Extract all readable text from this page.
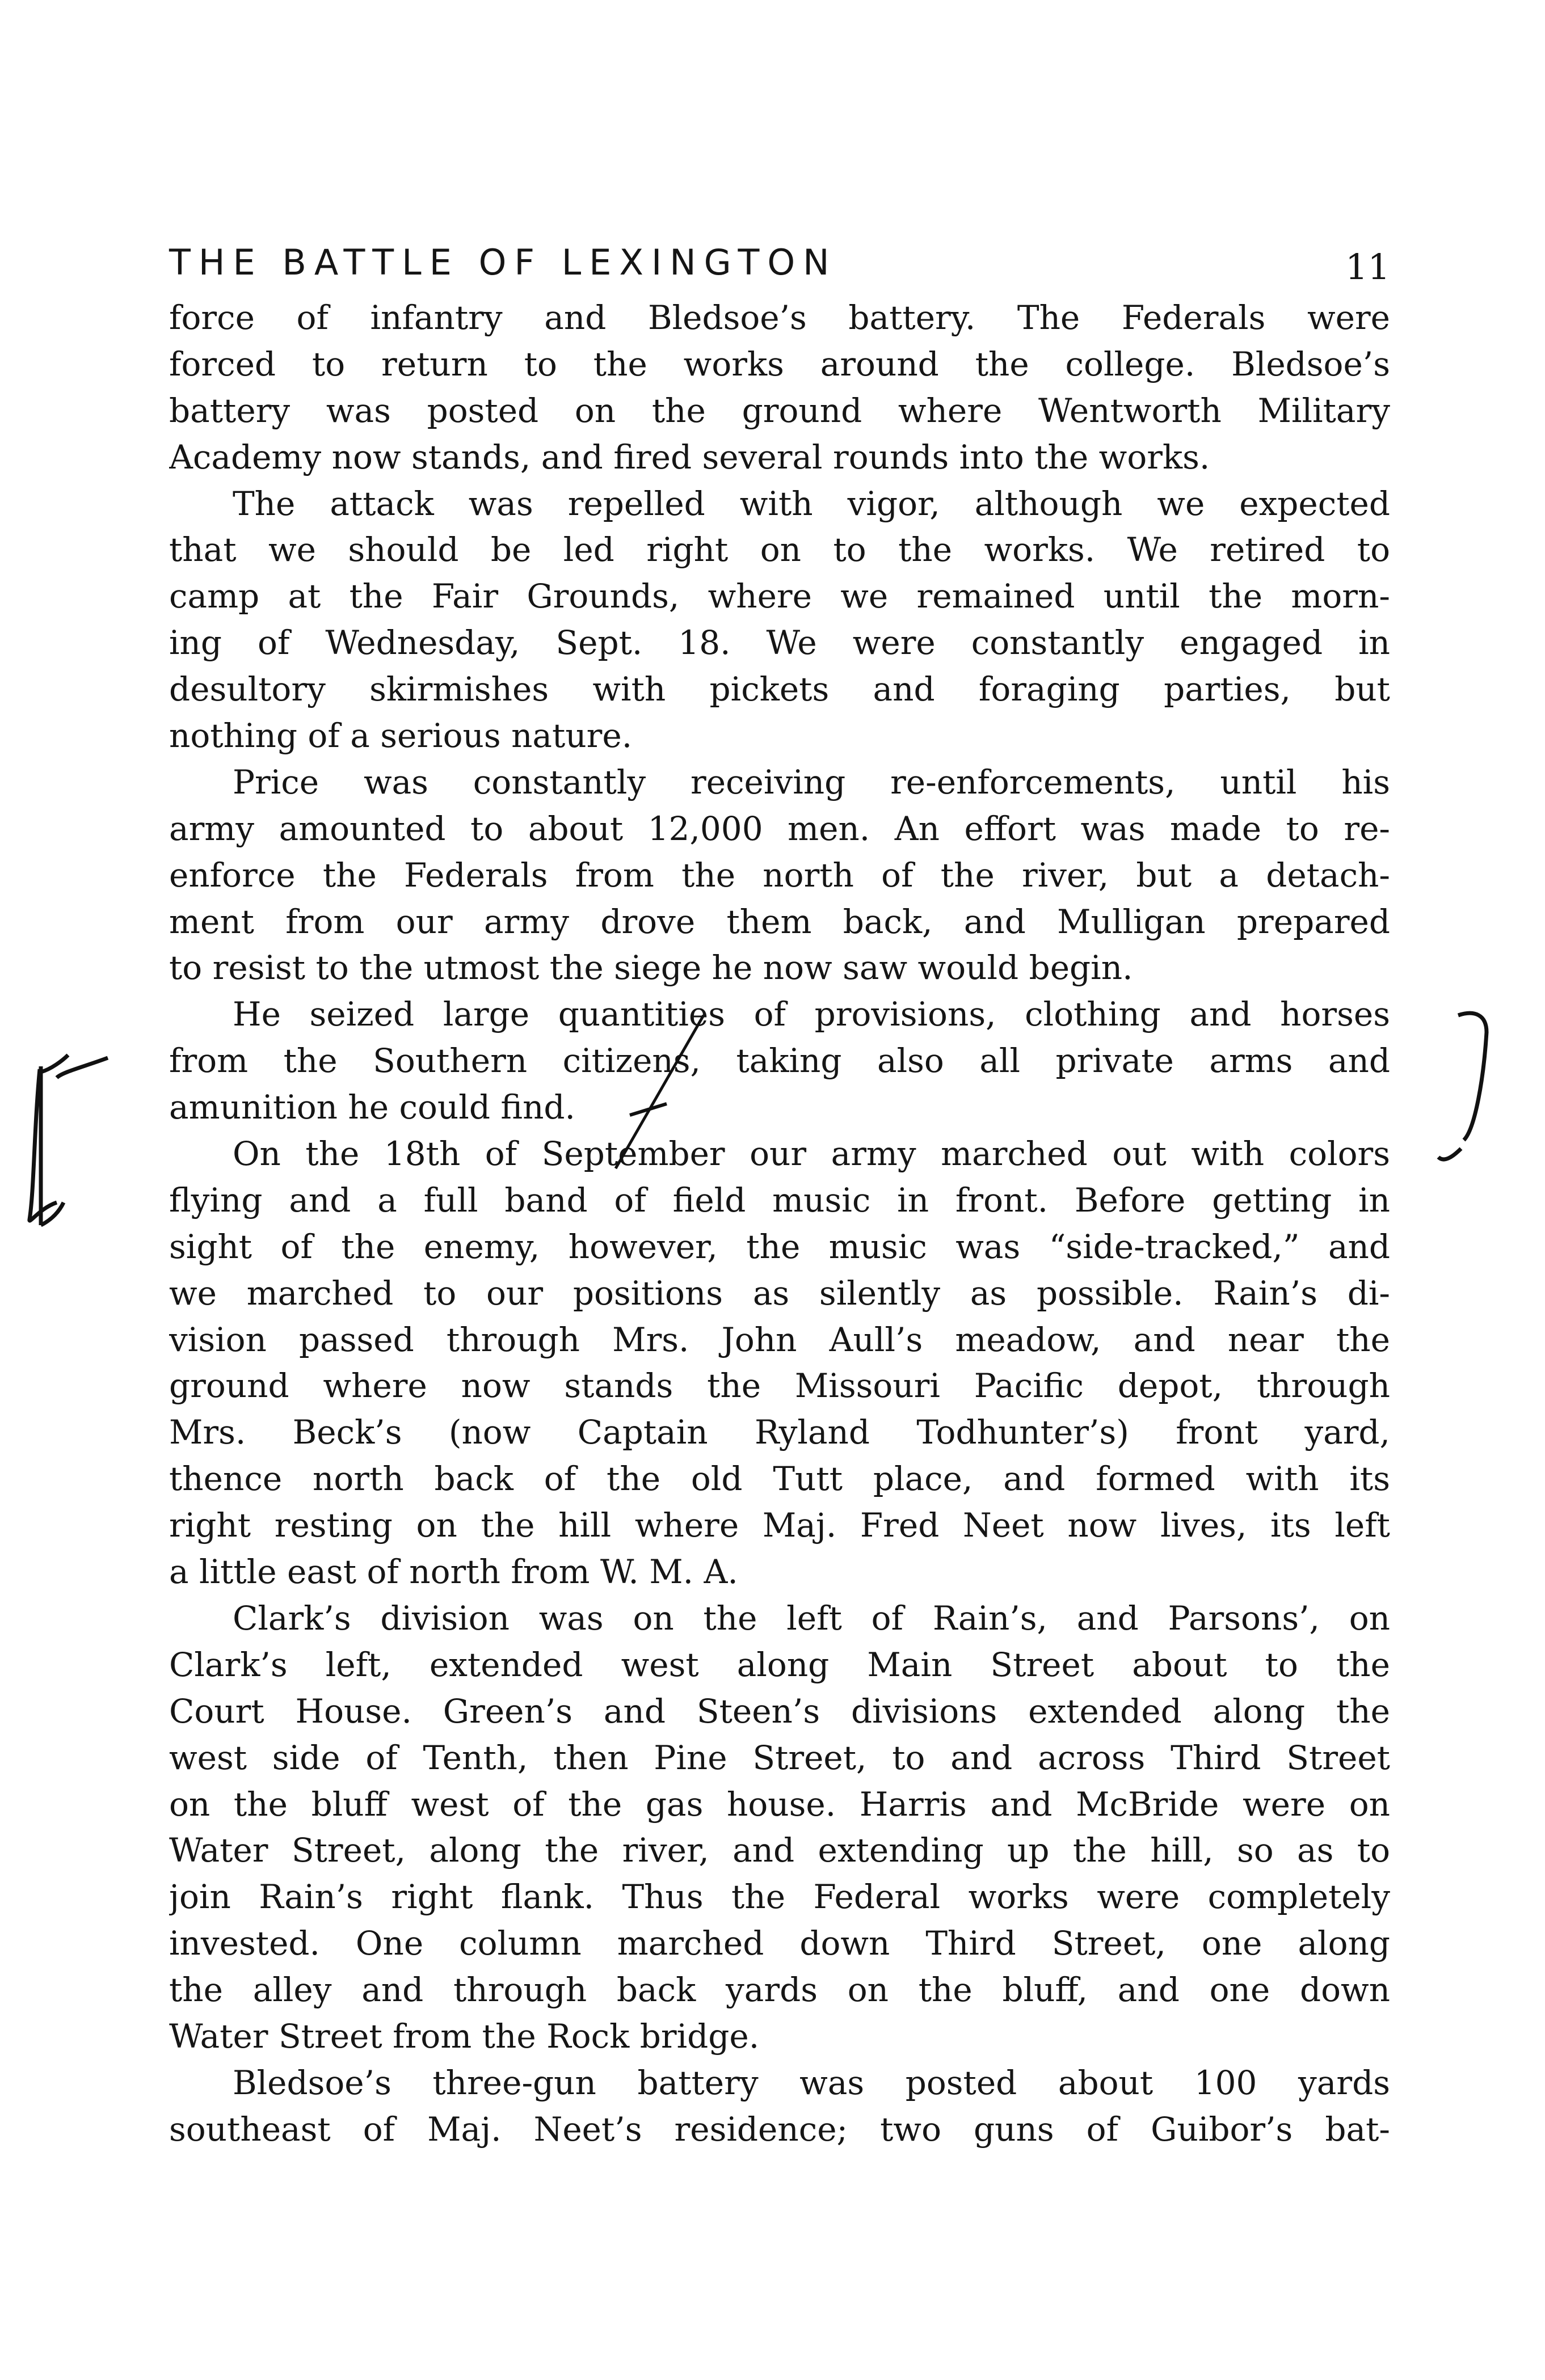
THE BATTLE OF LEXINGTON	11
force of infantry and Bledsoe’s battery. The Federals were
forced to return to the works around the college. Bledsoe’s
battery was posted on the ground where Wentworth Military
Academy now stands, and fired several rounds into the works.
The attack was repelled with vigor, although we expected
that we should be led right on to the works. We retired to
camp at the Fair Grounds, where we remained until the morn-
ing of Wednesday, Sept. 18. We were constantly engaged in
desultory skirmishes with pickets and foraging parties, but
nothing of a serious nature.
Price was constantly receiving re-enforcements, until his
army amounted to about 12,000 men. An effort was made to re-
enforce the Federals from the north of the river, but a detach-
ment from our army drove them back, and Mulligan prepared
to resist to the utmost the siege he now saw would begin.
He seized large quantities of provisions, clothing and horses
from the Southern citizens, taking also all private arms and
amunition he could find.
On the 18th of September our army marched out with colors
flying and a full band of field music in front. Before getting in
sight of the enemy, however, the music was “side-tracked,” and
we marched to our positions as silently as possible. Rain’s di-
vision passed through Mrs. John Aull’s meadow, and near the
ground where now stands the Missouri Pacific depot, through
Mrs. Beck’s (now Captain Ryland Todhunter’s) front yard,
thence north back of the old Tutt place, and formed with its
right resting on the hill where Maj. Fred Neet now lives, its left
a little east of north from W. M. A.
Clark’s division was on the left of Rain’s, and Parsons’, on
Clark’s left, extended west along Main Street about to the
Court House. Green’s and Steen’s divisions extended along the
west side of Tenth, then Pine Street, to and across Third Street
on the bluff west of the gas house. Harris and McBride were on
Water Street, along the river, and extending up the hill, so as to
join Rain’s right flank. Thus the Federal works were completely
invested. One column marched down Third Street, one along
the alley and through back yards on the bluff, and one down
Water Street from the Rock bridge.
Bledsoe’s three-gun battery was posted about 100 yards
southeast of Maj. Neet’s residence; two guns of Guibor’s bat-
